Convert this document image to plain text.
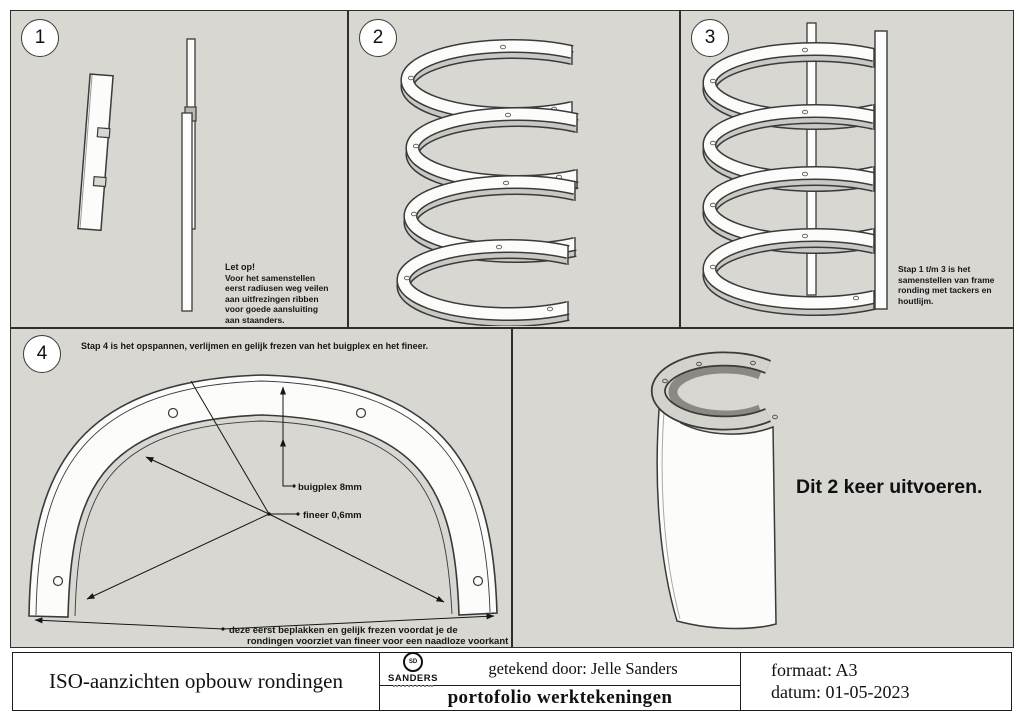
1
Let op!
Voor het samenstellen
eerst radiusen weg veilen
aan uitfrezingen ribben
voor goede aansluiting
aan staanders.
2	3
Stap 1 t/m 3 is het
samenstellen van frame
ronding met tackers en
houtlijm.
4	Stap 4 is het opspannen, verlijmen en gelijk frezen van het buigplex en het fineer.
buigplex 8mm
fineer 0,6mm
deze eerst beplakken en gelijk frezen voordat je de
rondingen voorziet van fineer voor een naadloze voorkant
Dit 2 keer uitvoeren.
ISO-aanzichten opbouw rondingen
SD
SANDERS	getekend door: Jelle Sanders
portofolio werktekeningen
formaat: A3
datum: 01-05-2023
